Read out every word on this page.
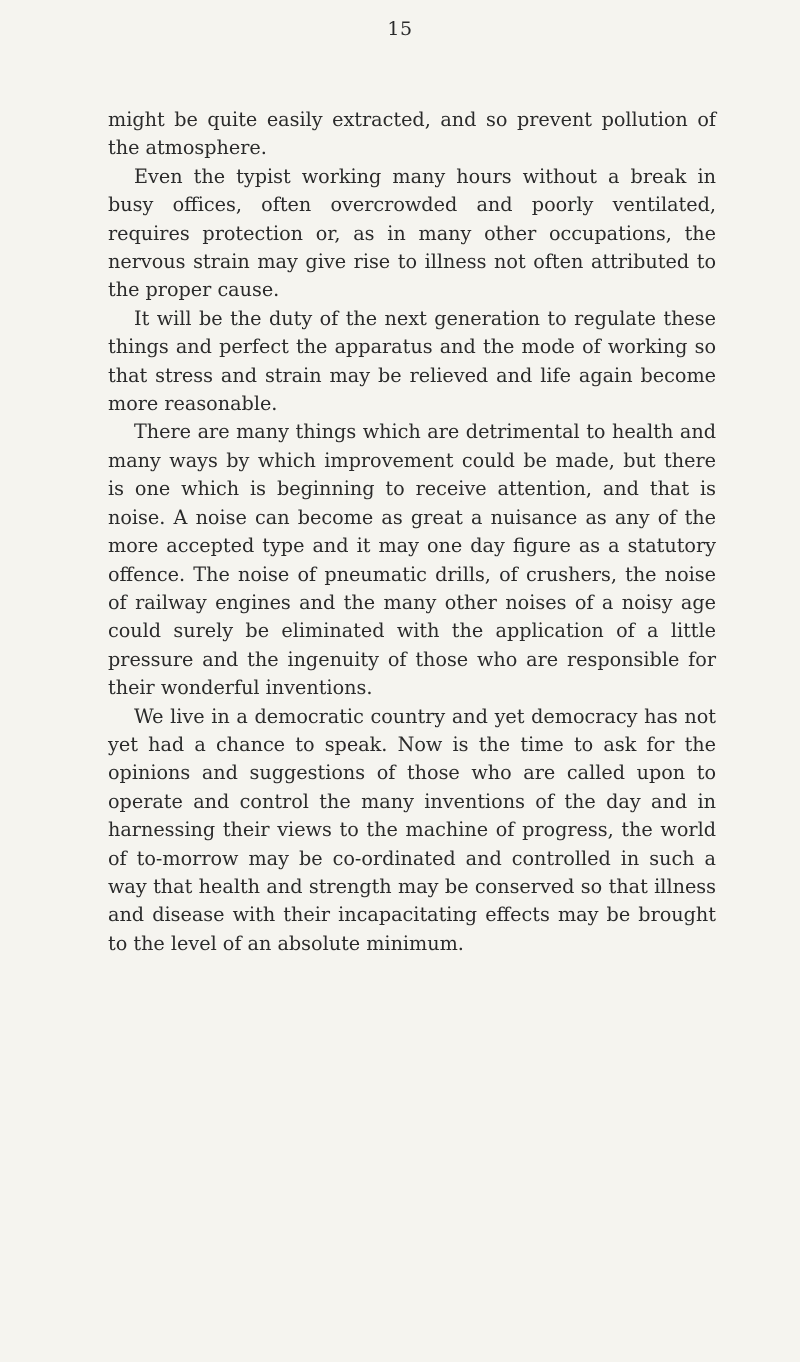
15

might be quite easily extracted, and so prevent pollution of the atmosphere.

Even the typist working many hours without a break in busy offices, often overcrowded and poorly ventilated, requires protection or, as in many other occupations, the nervous strain may give rise to illness not often attributed to the proper cause.

It will be the duty of the next generation to regulate these things and perfect the apparatus and the mode of working so that stress and strain may be relieved and life again become more reasonable.

There are many things which are detrimental to health and many ways by which improvement could be made, but there is one which is beginning to receive attention, and that is noise. A noise can become as great a nuisance as any of the more accepted type and it may one day figure as a statutory offence. The noise of pneumatic drills, of crushers, the noise of railway engines and the many other noises of a noisy age could surely be eliminated with the application of a little pressure and the ingenuity of those who are responsible for their wonderful inventions.

We live in a democratic country and yet democracy has not yet had a chance to speak. Now is the time to ask for the opinions and suggestions of those who are called upon to operate and control the many inventions of the day and in harnessing their views to the machine of progress, the world of to-morrow may be co-ordinated and controlled in such a way that health and strength may be conserved so that illness and disease with their incapacitating effects may be brought to the level of an absolute minimum.
